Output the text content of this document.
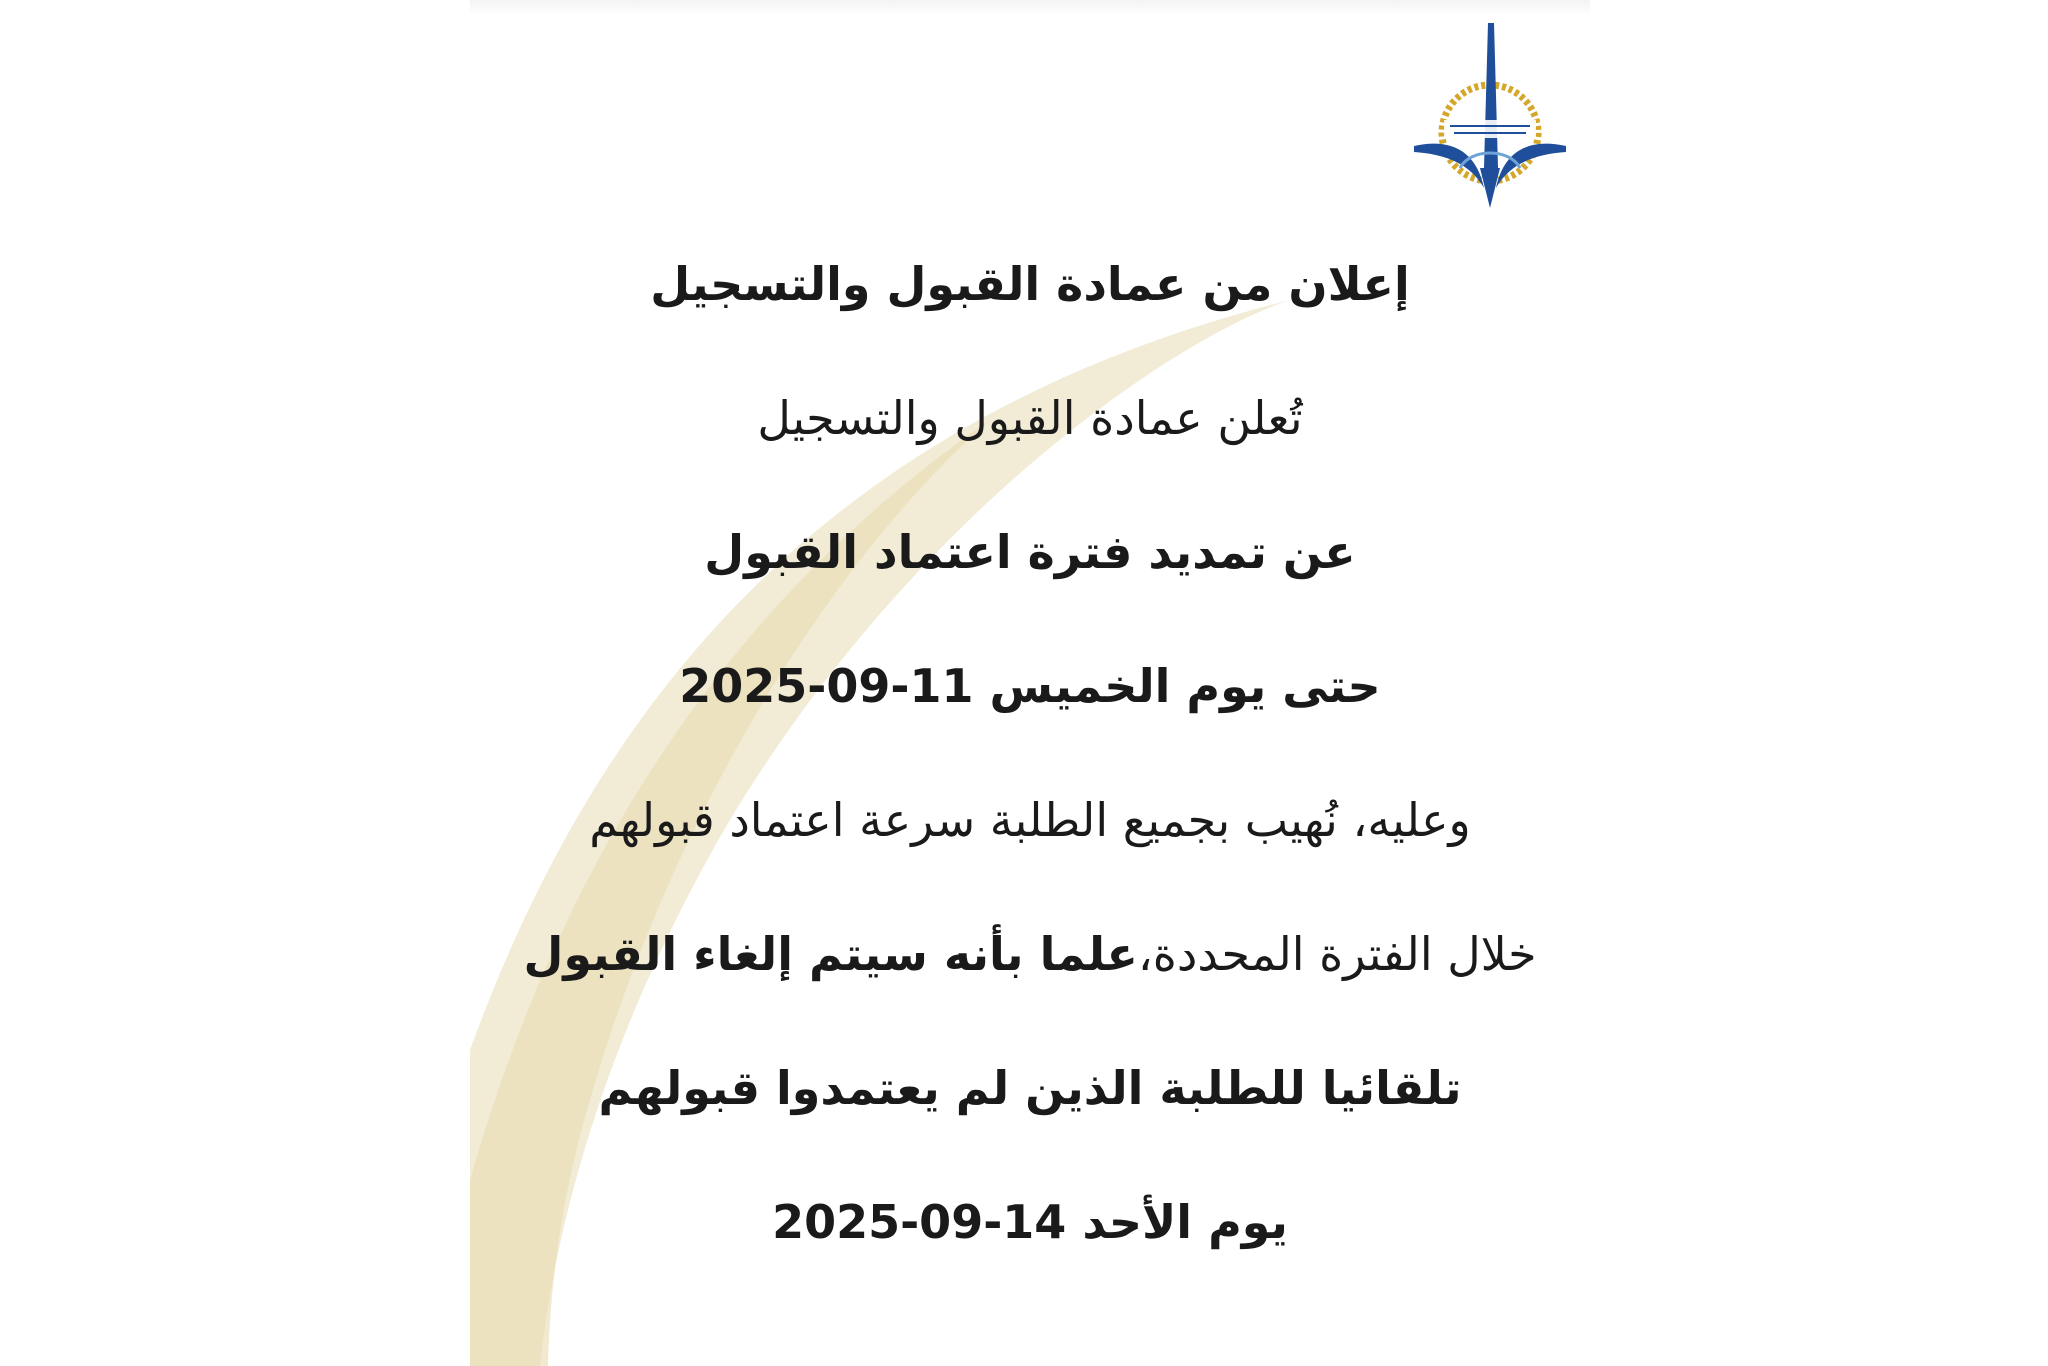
إعلان من عمادة القبول والتسجيل
تُعلن عمادة القبول والتسجيل
عن تمديد فترة اعتماد القبول
حتى يوم الخميس 2025-09-11
وعليه، نُهيب بجميع الطلبة سرعة اعتماد قبولهم
خلال الفترة المحددة،علما بأنه سيتم إلغاء القبول
تلقائيا للطلبة الذين لم يعتمدوا قبولهم
يوم الأحد 2025-09-14
